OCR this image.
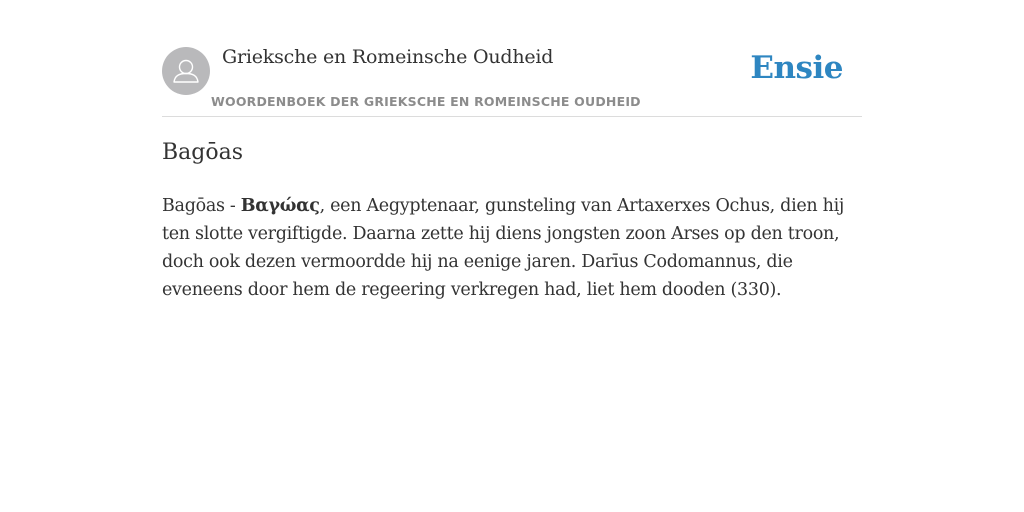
Grieksche en Romeinsche Oudheid
WOORDENBOEK DER GRIEKSCHE EN ROMEINSCHE OUDHEID
Ensie
Bagōas

Bagōas - Βαγώας, een Aegyptenaar, gunsteling van Artaxerxes Ochus, dien hij ten slotte vergiftigde. Daarna zette hij diens jongsten zoon Arses op den troon, doch ook dezen vermoordde hij na eenige jaren. Darīus Codomannus, die eveneens door hem de regeering verkregen had, liet hem dooden (330).
